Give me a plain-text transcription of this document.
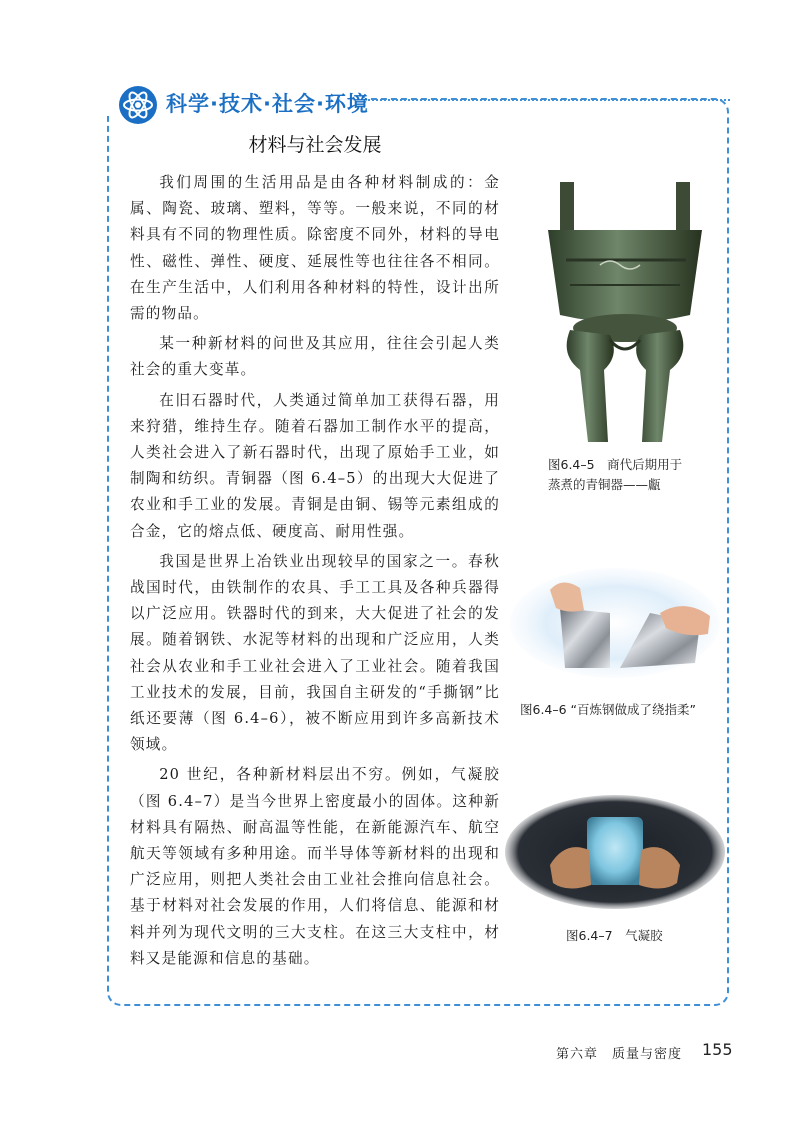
科学·技术·社会·环境
材料与社会发展

我们周围的生活用品是由各种材料制成的：金属、陶瓷、玻璃、塑料，等等。一般来说，不同的材料具有不同的物理性质。除密度不同外，材料的导电性、磁性、弹性、硬度、延展性等也往往各不相同。在生产生活中，人们利用各种材料的特性，设计出所需的物品。

某一种新材料的问世及其应用，往往会引起人类社会的重大变革。

在旧石器时代，人类通过简单加工获得石器，用来狩猎，维持生存。随着石器加工制作水平的提高，人类社会进入了新石器时代，出现了原始手工业，如制陶和纺织。青铜器（图 6.4–5）的出现大大促进了农业和手工业的发展。青铜是由铜、锡等元素组成的合金，它的熔点低、硬度高、耐用性强。

我国是世界上冶铁业出现较早的国家之一。春秋战国时代，由铁制作的农具、手工工具及各种兵器得以广泛应用。铁器时代的到来，大大促进了社会的发展。随着钢铁、水泥等材料的出现和广泛应用，人类社会从农业和手工业社会进入了工业社会。随着我国工业技术的发展，目前，我国自主研发的“手撕钢”比纸还要薄（图 6.4–6），被不断应用到许多高新技术领域。

20 世纪，各种新材料层出不穷。例如，气凝胶（图 6.4–7）是当今世界上密度最小的固体。这种新材料具有隔热、耐高温等性能，在新能源汽车、航空航天等领域有多种用途。而半导体等新材料的出现和广泛应用，则把人类社会由工业社会推向信息社会。基于材料对社会发展的作用，人们将信息、能源和材料并列为现代文明的三大支柱。在这三大支柱中，材料又是能源和信息的基础。

图6.4–5　商代后期用于
蒸煮的青铜器——甗
图6.4–6 “百炼钢做成了绕指柔”
图6.4–7　气凝胶
第六章　质量与密度 155
